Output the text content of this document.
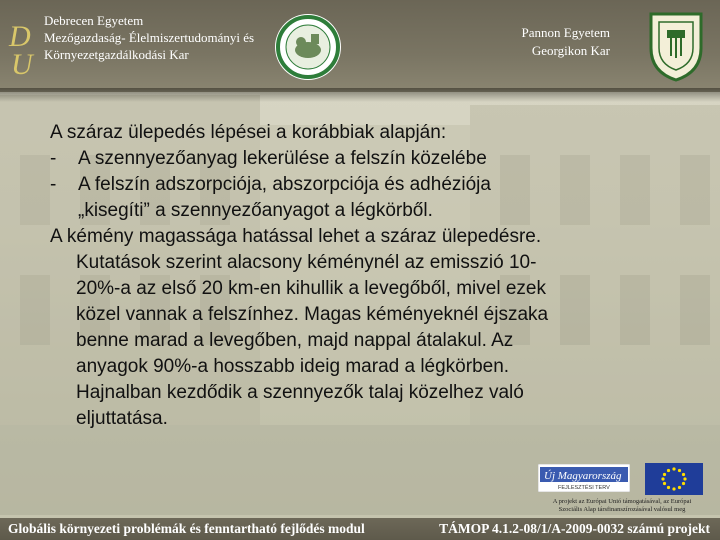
D
U
Debrecen Egyetem
Mezőgazdaság- Élelmiszertudományi és
Környezetgazdálkodási Kar
Pannon Egyetem
Georgikon Kar

A száraz ülepedés lépései a korábbiak alapján:

-	A szennyezőanyag lekerülése a felszín közelébe

-	A felszín adszorpciója, abszorpciója és adhéziója

„kisegíti” a szennyezőanyagot a légkörből.

A kémény magassága hatással lehet a száraz ülepedésre.

Kutatások szerint alacsony kéménynél az emisszió 10-

20%-a az első 20 km-en kihullik a levegőből, mivel ezek

közel vannak a felszínhez. Magas kéményeknél éjszaka

benne marad a levegőben, majd nappal átalakul. Az

anyagok 90%-a hosszabb ideig marad a légkörben.

Hajnalban kezdődik a szennyezők talaj közelhez való

eljuttatása.

Új Magyarország
FEJLESZTÉSI TERV
A projekt az Európai Unió támogatásával, az Európai
Szociális Alap társfinanszírozásával valósul meg
Globális környezeti problémák és fenntartható fejlődés modul	TÁMOP 4.1.2-08/1/A-2009-0032 számú projekt
